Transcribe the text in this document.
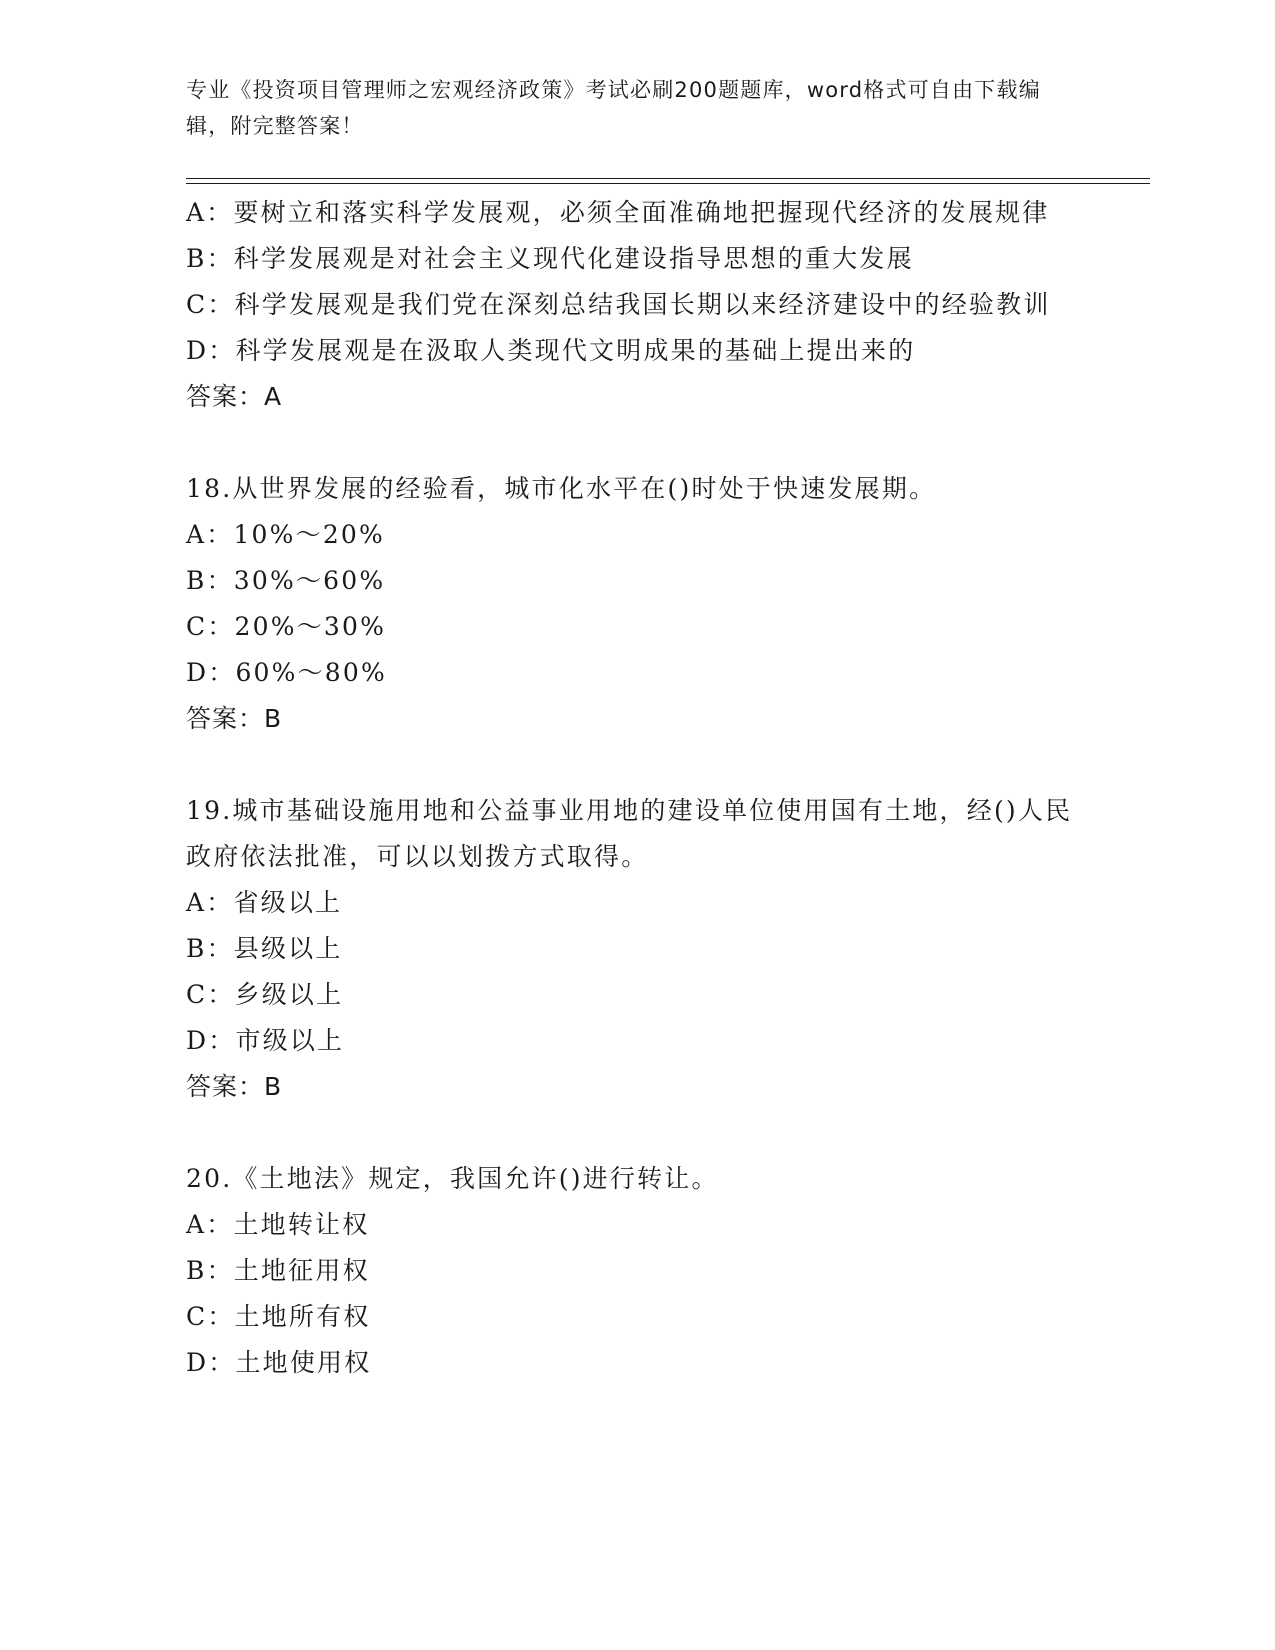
专业《投资项目管理师之宏观经济政策》考试必刷200题题库，word格式可自由下载编辑，附完整答案！
A：要树立和落实科学发展观，必须全面准确地把握现代经济的发展规律
B：科学发展观是对社会主义现代化建设指导思想的重大发展
C：科学发展观是我们党在深刻总结我国长期以来经济建设中的经验教训
D：科学发展观是在汲取人类现代文明成果的基础上提出来的
答案：A
18.从世界发展的经验看，城市化水平在()时处于快速发展期。
A：10%～20%
B：30%～60%
C：20%～30%
D：60%～80%
答案：B
19.城市基础设施用地和公益事业用地的建设单位使用国有土地，经()人民政府依法批准，可以以划拨方式取得。
A：省级以上
B：县级以上
C：乡级以上
D：市级以上
答案：B
20.《土地法》规定，我国允许()进行转让。
A：土地转让权
B：土地征用权
C：土地所有权
D：土地使用权
